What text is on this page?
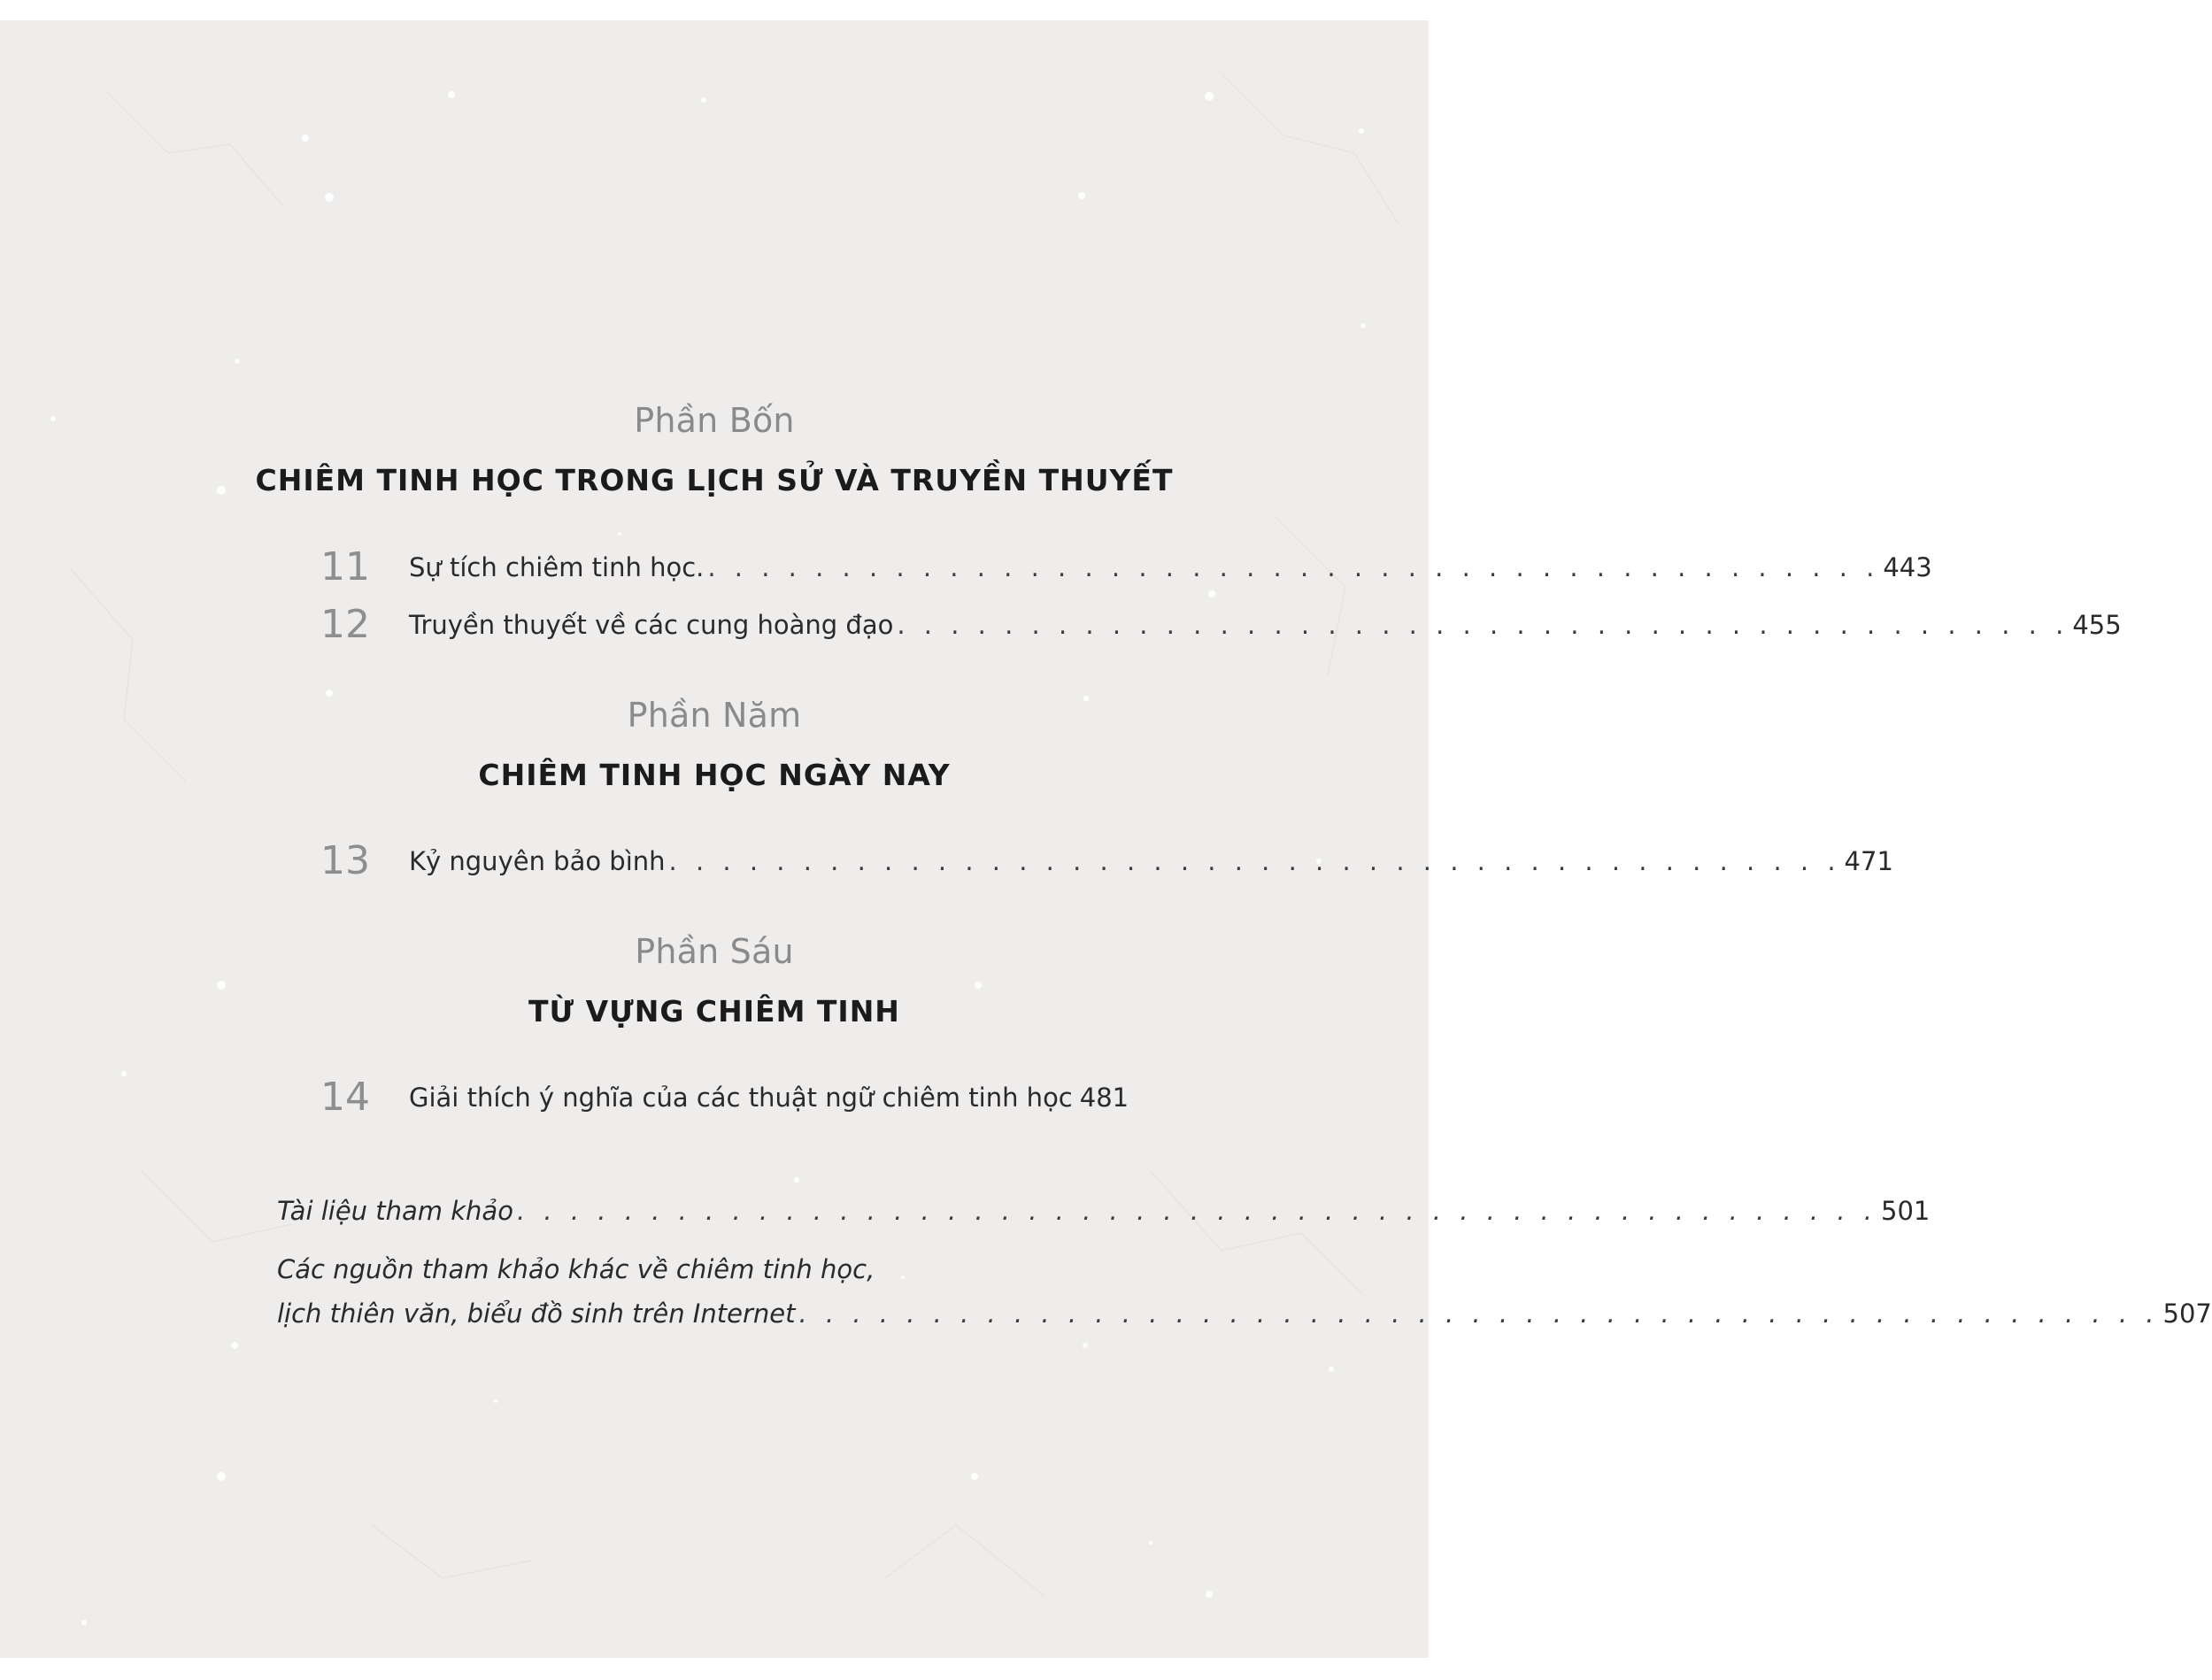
Phần Bốn
CHIÊM TINH HỌC TRONG LỊCH SỬ VÀ TRUYỀN THUYẾT
11	Sự tích chiêm tinh học. . . . . . . . . . . . . . . . . . . . . . . . . . . . . . . . . . . . . . . . . . . . . 443
12	Truyền thuyết về các cung hoàng đạo . . . . . . . . . . . . . . . . . . . . . . . . . . . . . . . . . . . . . . . . . . . . 455
Phần Năm
CHIÊM TINH HỌC NGÀY NAY
13	Kỷ nguyên bảo bình . . . . . . . . . . . . . . . . . . . . . . . . . . . . . . . . . . . . . . . . . . . . 471
Phần Sáu
TỪ VỰNG CHIÊM TINH
14	Giải thích ý nghĩa của các thuật ngữ chiêm tinh học 481
Tài liệu tham khảo . . . . . . . . . . . . . . . . . . . . . . . . . . . . . . . . . . . . . . . . . . . . . . . . . . . 501
Các nguồn tham khảo khác về chiêm tinh học,
lịch thiên văn, biểu đồ sinh trên Internet . . . . . . . . . . . . . . . . . . . . . . . . . . . . . . . . . . . . . . . . . . . . . . . . . . . 507
